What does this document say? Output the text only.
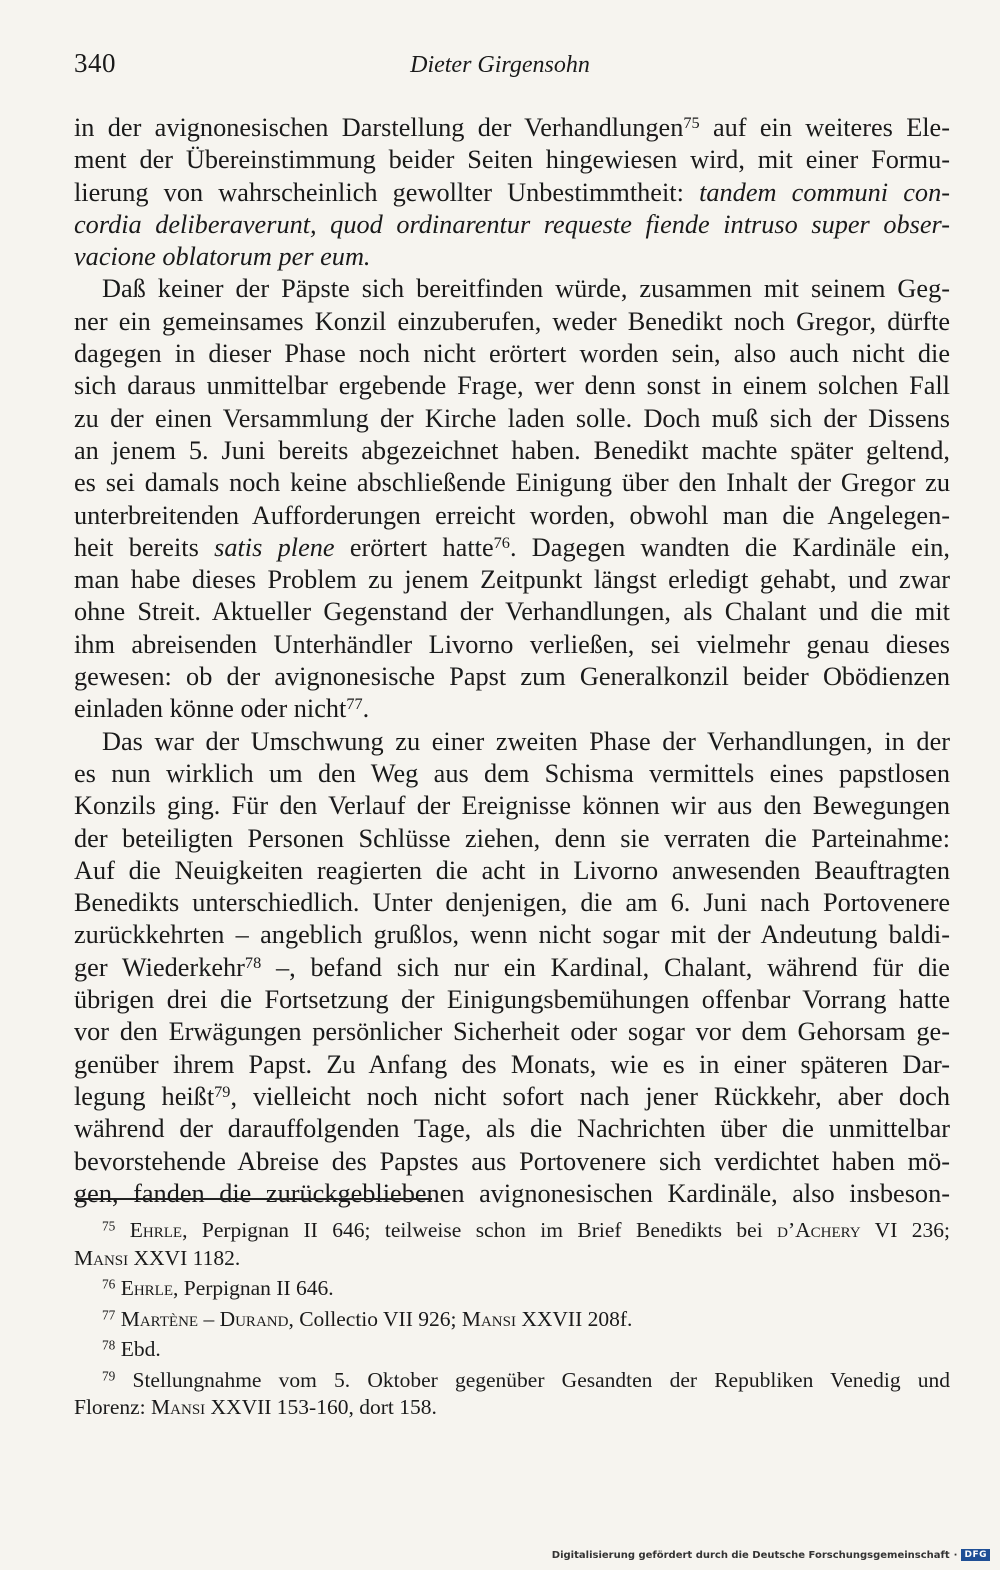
340	Dieter Girgensohn

in der avignonesischen Darstellung der Verhandlungen$^{75}$ auf ein weiteres Ele-
ment der Übereinstimmung beider Seiten hingewiesen wird, mit einer Formu-
lierung von wahrscheinlich gewollter Unbestimmtheit: tandem communi con-
cordia deliberaverunt, quod ordinarentur requeste fiende intruso super obser-
vacione oblatorum per eum.

Daß keiner der Päpste sich bereitfinden würde, zusammen mit seinem Geg-
ner ein gemeinsames Konzil einzuberufen, weder Benedikt noch Gregor, dürfte
dagegen in dieser Phase noch nicht erörtert worden sein, also auch nicht die
sich daraus unmittelbar ergebende Frage, wer denn sonst in einem solchen Fall
zu der einen Versammlung der Kirche laden solle. Doch muß sich der Dissens
an jenem 5. Juni bereits abgezeichnet haben. Benedikt machte später geltend,
es sei damals noch keine abschließende Einigung über den Inhalt der Gregor zu
unterbreitenden Aufforderungen erreicht worden, obwohl man die Angelegen-
heit bereits satis plene erörtert hatte$^{76}$. Dagegen wandten die Kardinäle ein,
man habe dieses Problem zu jenem Zeitpunkt längst erledigt gehabt, und zwar
ohne Streit. Aktueller Gegenstand der Verhandlungen, als Chalant und die mit
ihm abreisenden Unterhändler Livorno verließen, sei vielmehr genau dieses
gewesen: ob der avignonesische Papst zum Generalkonzil beider Obödienzen
einladen könne oder nicht$^{77}$.

Das war der Umschwung zu einer zweiten Phase der Verhandlungen, in der
es nun wirklich um den Weg aus dem Schisma vermittels eines papstlosen
Konzils ging. Für den Verlauf der Ereignisse können wir aus den Bewegungen
der beteiligten Personen Schlüsse ziehen, denn sie verraten die Parteinahme:
Auf die Neuigkeiten reagierten die acht in Livorno anwesenden Beauftragten
Benedikts unterschiedlich. Unter denjenigen, die am 6. Juni nach Portovenere
zurückkehrten – angeblich grußlos, wenn nicht sogar mit der Andeutung baldi-
ger Wiederkehr$^{78}$ –, befand sich nur ein Kardinal, Chalant, während für die
übrigen drei die Fortsetzung der Einigungsbemühungen offenbar Vorrang hatte
vor den Erwägungen persönlicher Sicherheit oder sogar vor dem Gehorsam ge-
genüber ihrem Papst. Zu Anfang des Monats, wie es in einer späteren Dar-
legung heißt$^{79}$, vielleicht noch nicht sofort nach jener Rückkehr, aber doch
während der darauffolgenden Tage, als die Nachrichten über die unmittelbar
bevorstehende Abreise des Papstes aus Portovenere sich verdichtet haben mö-
gen, fanden die zurückgebliebenen avignonesischen Kardinäle, also insbeson-

$^{75}$ Ehrle, Perpignan II 646; teilweise schon im Brief Benedikts bei d’Achery VI 236;
Mansi XXVI 1182.
$^{76}$ Ehrle, Perpignan II 646.
$^{77}$ Martène – Durand, Collectio VII 926; Mansi XXVII 208f.
$^{78}$ Ebd.
$^{79}$ Stellungnahme vom 5. Oktober gegenüber Gesandten der Republiken Venedig und
Florenz: Mansi XXVII 153-160, dort 158.
Digitalisierung gefördert durch die Deutsche Forschungsgemeinschaft · DFG
